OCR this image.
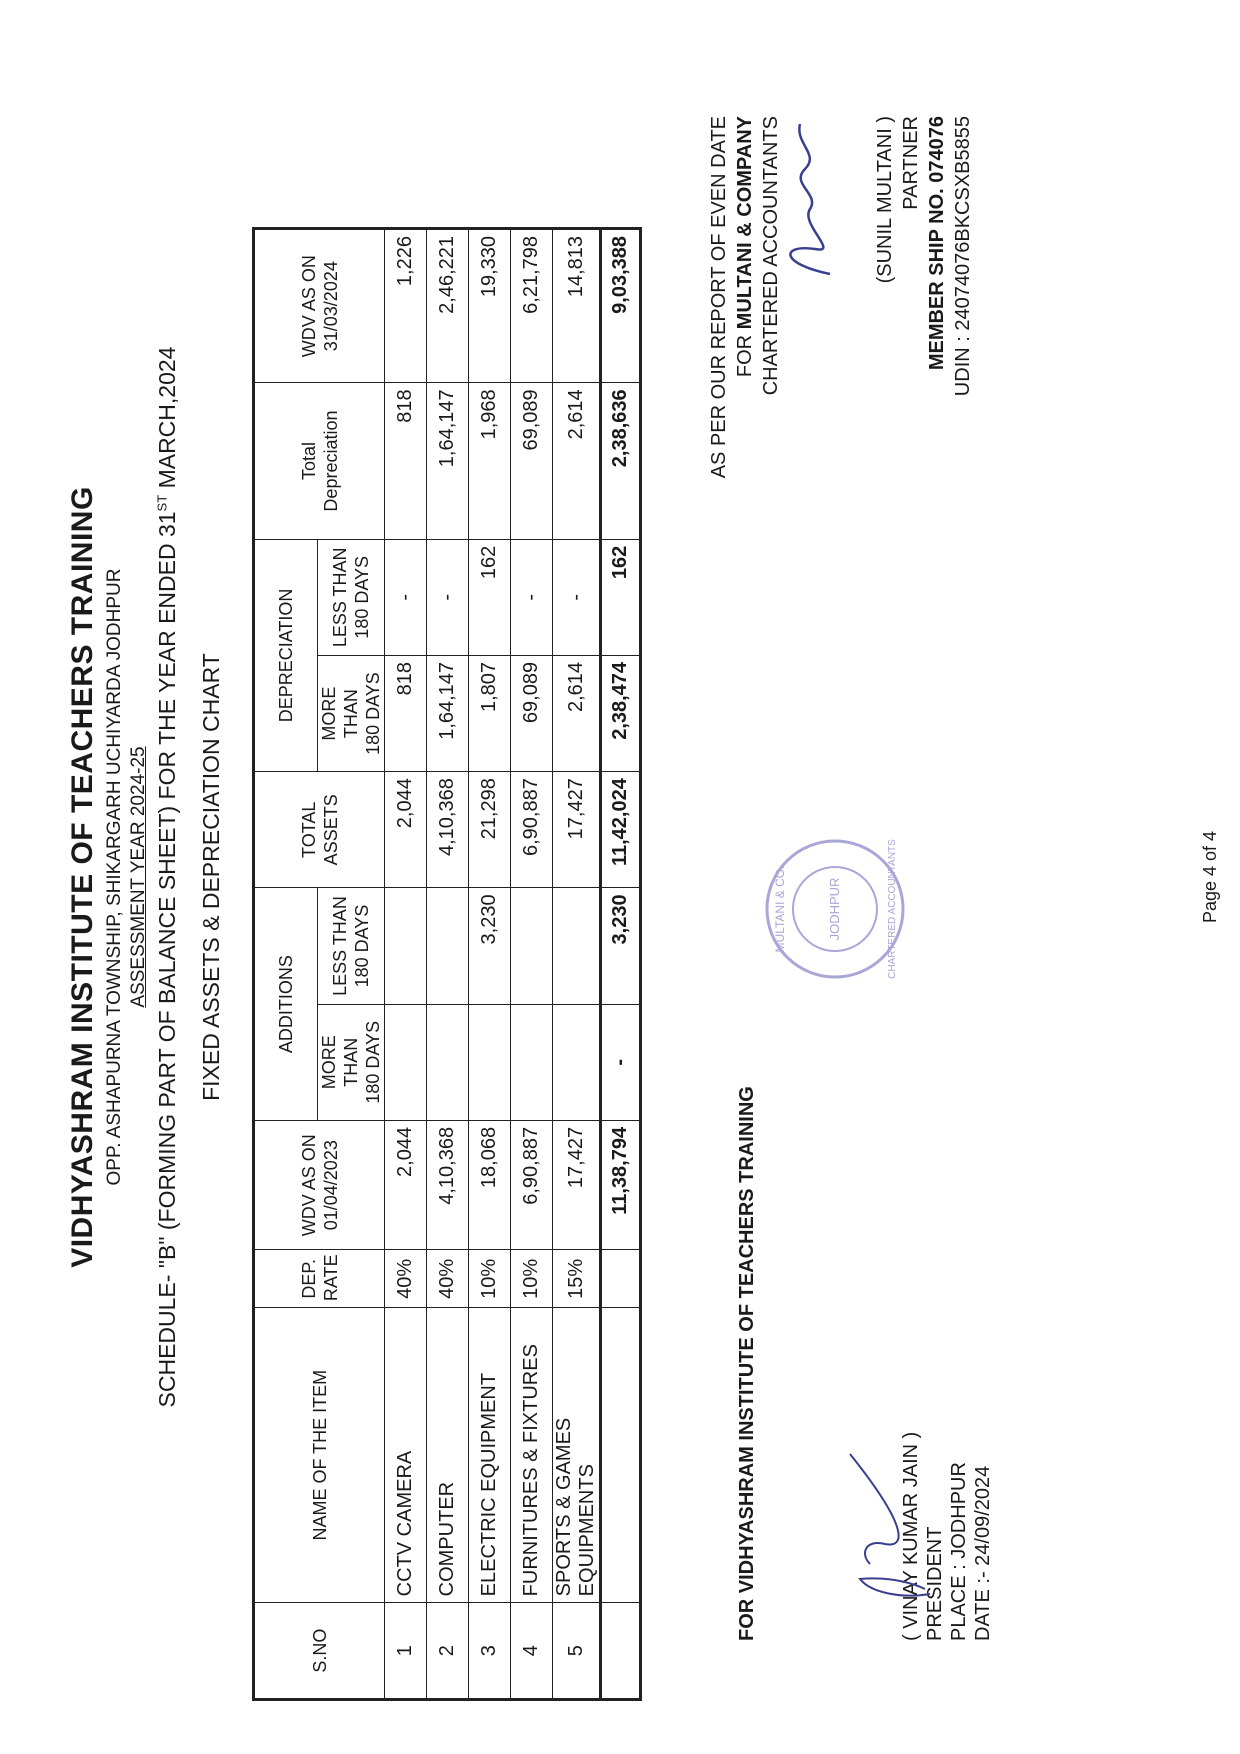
VIDHYASHRAM INSTITUTE OF TEACHERS TRAINING OPP. ASHAPURNA TOWNSHIP, SHIKARGARH UCHIYARDA JODHPUR ASSESSMENT YEAR 2024-25 SCHEDULE- "B" (FORMING PART OF BALANCE SHEET) FOR THE YEAR ENDED 31ST MARCH,2024
FIXED ASSETS & DEPRECIATION CHART
S.NO	NAME OF THE ITEM	DEP. RATE	WDV AS ON 01/04/2023	ADDITIONS		TOTAL ASSETS	DEPRECIATION		Total Depreciation	WDV AS ON 31/03/2024
				MORE THAN 180 DAYS	LESS THAN 180 DAYS		MORE THAN 180 DAYS	LESS THAN 180 DAYS		
1	CCTV CAMERA	40%	2,044			2,044	818	-	818	1,226
2	COMPUTER	40%	4,10,368			4,10,368	1,64,147	-	1,64,147	2,46,221
3	ELECTRIC EQUIPMENT	10%	18,068		3,230	21,298	1,807	162	1,968	19,330
4	FURNITURES & FIXTURES	10%	6,90,887			6,90,887	69,089	-	69,089	6,21,798
5	SPORTS & GAMES EQUIPMENTS	15%	17,427			17,427	2,614	-	2,614	14,813
			11,38,794	-	3,230	11,42,024	2,38,474	162	2,38,636	9,03,388
FOR VIDHYASHRAM INSTITUTE OF TEACHERS TRAINING	( VINAY KUMAR JAIN ) PRESIDENT PLACE : JODHPUR DATE :- 24/09/2024
JODHPUR
MULTANI & CO.	CHARTERED ACCOUNTANTS
AS PER OUR REPORT OF EVEN DATE FOR MULTANI & COMPANY CHARTERED ACCOUNTANTS	(SUNIL MULTANI ) PARTNER MEMBER SHIP NO. 074076 UDIN : 24074076BKCSXB5855
Page 4 of 4
